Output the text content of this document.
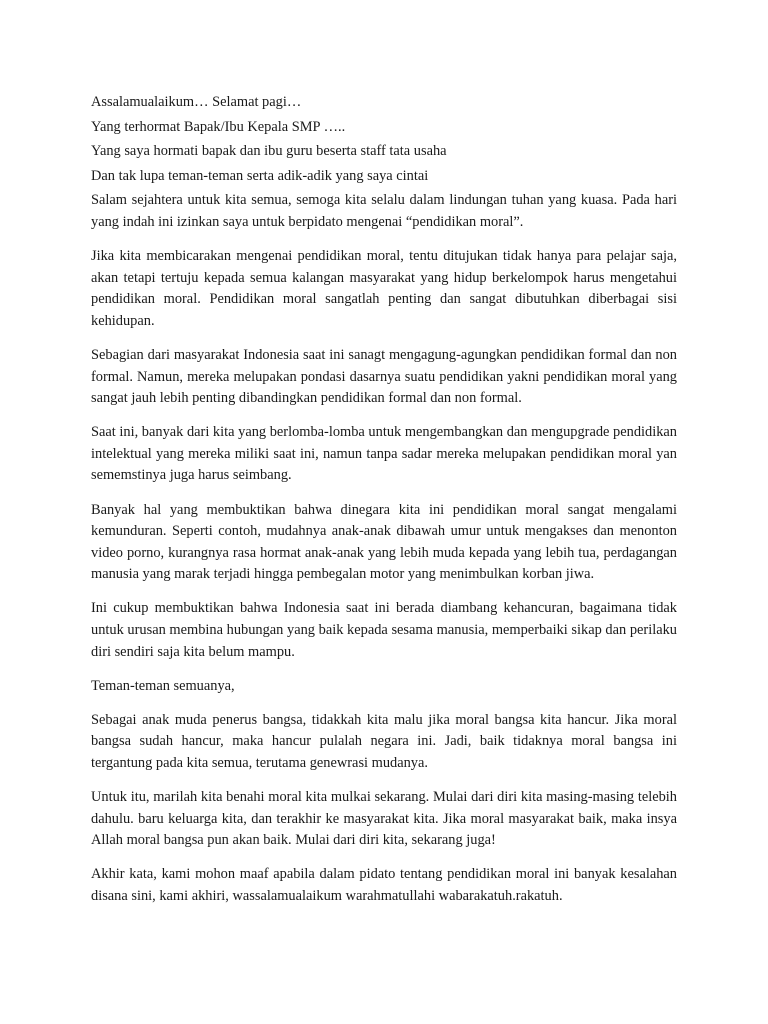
Assalamualaikum… Selamat pagi…

Yang terhormat Bapak/Ibu Kepala SMP …..

Yang saya hormati bapak dan ibu guru beserta staff tata usaha

Dan tak lupa teman-teman serta adik-adik yang saya cintai

Salam sejahtera untuk kita semua, semoga kita selalu dalam lindungan tuhan yang kuasa. Pada hari yang indah ini izinkan saya untuk berpidato mengenai “pendidikan moral”.

Jika kita membicarakan mengenai pendidikan moral, tentu ditujukan tidak hanya para pelajar saja, akan tetapi tertuju kepada semua kalangan masyarakat yang hidup berkelompok harus mengetahui pendidikan moral. Pendidikan moral sangatlah penting dan sangat dibutuhkan diberbagai sisi kehidupan.

Sebagian dari masyarakat Indonesia saat ini sanagt mengagung-agungkan pendidikan formal dan non formal. Namun, mereka melupakan pondasi dasarnya suatu pendidikan yakni pendidikan moral yang sangat jauh lebih penting dibandingkan pendidikan formal dan non formal.

Saat ini, banyak dari kita yang berlomba-lomba untuk mengembangkan dan mengupgrade pendidikan intelektual yang mereka miliki saat ini, namun tanpa sadar mereka melupakan pendidikan moral yan sememstinya juga harus seimbang.

Banyak hal yang membuktikan bahwa dinegara kita ini pendidikan moral sangat mengalami kemunduran. Seperti contoh, mudahnya anak-anak dibawah umur untuk mengakses dan menonton video porno, kurangnya rasa hormat anak-anak yang lebih muda kepada yang lebih tua, perdagangan manusia yang marak terjadi hingga pembegalan motor yang menimbulkan korban jiwa.

Ini cukup membuktikan bahwa Indonesia saat ini berada diambang kehancuran, bagaimana tidak untuk urusan membina hubungan yang baik kepada sesama manusia, memperbaiki sikap dan perilaku diri sendiri saja kita belum mampu.

Teman-teman semuanya,

Sebagai anak muda penerus bangsa, tidakkah kita malu jika moral bangsa kita hancur. Jika moral bangsa sudah hancur, maka hancur pulalah negara ini. Jadi, baik tidaknya moral bangsa ini tergantung pada kita semua, terutama genewrasi mudanya.

Untuk itu, marilah kita benahi moral kita mulkai sekarang. Mulai dari diri kita masing-masing telebih dahulu. baru keluarga kita, dan terakhir ke masyarakat kita. Jika moral masyarakat baik, maka insya Allah moral bangsa pun akan baik. Mulai dari diri kita, sekarang juga!

Akhir kata, kami mohon maaf apabila dalam pidato tentang pendidikan moral ini banyak kesalahan disana sini, kami akhiri, wassalamualaikum warahmatullahi wabarakatuh.rakatuh.
